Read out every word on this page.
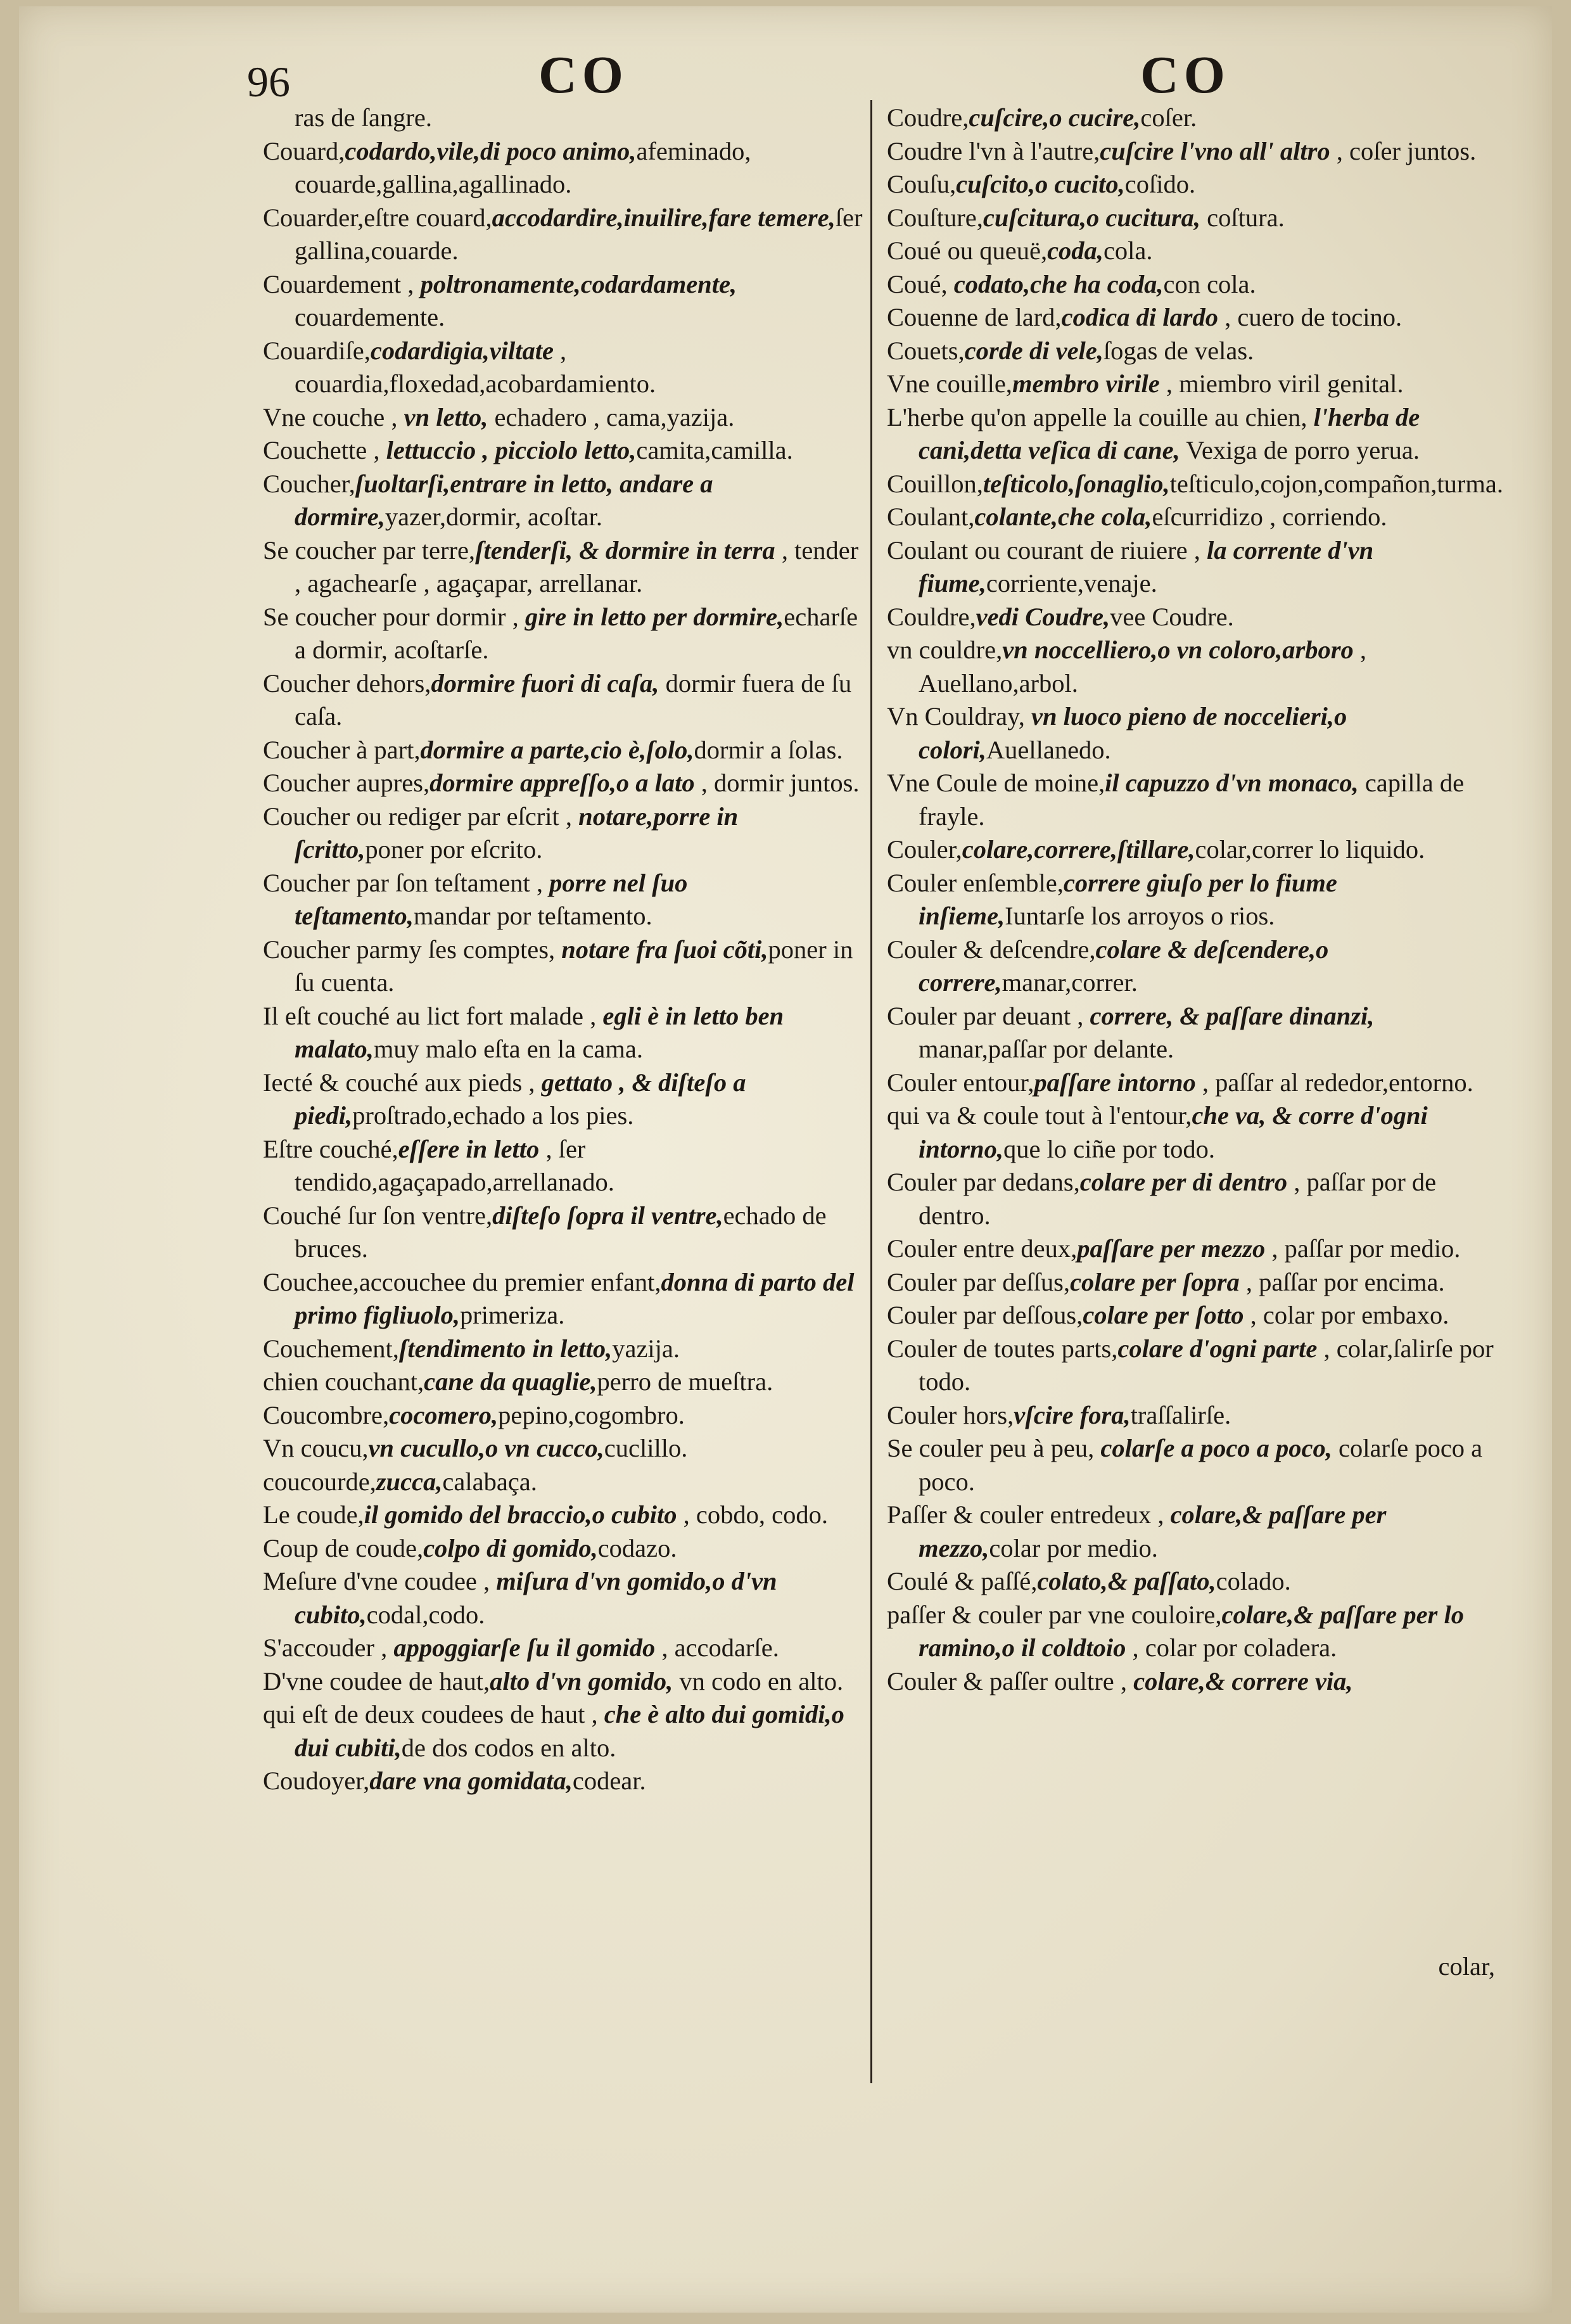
96	CO	CO

ras de ſangre.

Couard,codardo,vile,di poco animo,afeminado, couarde,gallina,agallinado.

Couarder,eſtre couard,accodardire,inuilire,fare temere,ſer gallina,couarde.

Couardement , poltronamente,codardamente, couardemente.

Couardiſe,codardigia,viltate , couardia,floxedad,acobardamiento.

Vne couche , vn letto, echadero , cama,yazija.

Couchette , lettuccio , picciolo letto,camita,camilla.

Coucher,ſuoltarſi,entrare in letto, andare a dormire,yazer,dormir, acoſtar.

Se coucher par terre,ſtenderſi, & dormire in terra , tender , agachearſe , agaçapar, arrellanar.

Se coucher pour dormir , gire in letto per dormire,echarſe a dormir, acoſtarſe.

Coucher dehors,dormire fuori di caſa, dormir fuera de ſu caſa.

Coucher à part,dormire a parte,cio è,ſolo,dormir a ſolas.

Coucher aupres,dormire appreſſo,o a lato , dormir juntos.

Coucher ou rediger par eſcrit , notare,porre in ſcritto,poner por eſcrito.

Coucher par ſon teſtament , porre nel ſuo teſtamento,mandar por teſtamento.

Coucher parmy ſes comptes, notare fra ſuoi cõti,poner in ſu cuenta.

Il eſt couché au lict fort malade , egli è in letto ben malato,muy malo eſta en la cama.

Iecté & couché aux pieds , gettato , & diſteſo a piedi,proſtrado,echado a los pies.

Eſtre couché,eſſere in letto , ſer tendido,agaçapado,arrellanado.

Couché ſur ſon ventre,diſteſo ſopra il ventre,echado de bruces.

Couchee,accouchee du premier enfant,donna di parto del primo figliuolo,primeriza.

Couchement,ſtendimento in letto,yazija.

chien couchant,cane da quaglie,perro de mueſtra.

Coucombre,cocomero,pepino,cogombro.

Vn coucu,vn cucullo,o vn cucco,cuclillo.

coucourde,zucca,calabaça.

Le coude,il gomido del braccio,o cubito , cobdo, codo.

Coup de coude,colpo di gomido,codazo.

Meſure d'vne coudee , miſura d'vn gomido,o d'vn cubito,codal,codo.

S'accouder , appoggiarſe ſu il gomido , accodarſe.

D'vne coudee de haut,alto d'vn gomido, vn codo en alto.

qui eſt de deux coudees de haut , che è alto dui gomidi,o dui cubiti,de dos codos en alto.

Coudoyer,dare vna gomidata,codear.

Coudre,cuſcire,o cucire,coſer.

Coudre l'vn à l'autre,cuſcire l'vno all' altro , coſer juntos.

Couſu,cuſcito,o cucito,coſido.

Couſture,cuſcitura,o cucitura, coſtura.

Coué ou queuë,coda,cola.

Coué, codato,che ha coda,con cola.

Couenne de lard,codica di lardo , cuero de tocino.

Couets,corde di vele,ſogas de velas.

Vne couille,membro virile , miembro viril genital.

L'herbe qu'on appelle la couille au chien, l'herba de cani,detta veſica di cane, Vexiga de porro yerua.

Couillon,teſticolo,ſonaglio,teſticulo,cojon,compañon,turma.

Coulant,colante,che cola,eſcurridizo , corriendo.

Coulant ou courant de riuiere , la corrente d'vn fiume,corriente,venaje.

Couldre,vedi Coudre,vee Coudre.

vn couldre,vn noccelliero,o vn coloro,arboro , Auellano,arbol.

Vn Couldray, vn luoco pieno de noccelieri,o colori,Auellanedo.

Vne Coule de moine,il capuzzo d'vn monaco, capilla de frayle.

Couler,colare,correre,ſtillare,colar,correr lo liquido.

Couler enſemble,correre giuſo per lo fiume inſieme,Iuntarſe los arroyos o rios.

Couler & deſcendre,colare & deſcendere,o correre,manar,correr.

Couler par deuant , correre, & paſſare dinanzi, manar,paſſar por delante.

Couler entour,paſſare intorno , paſſar al rededor,entorno.

qui va & coule tout à l'entour,che va, & corre d'ogni intorno,que lo ciñe por todo.

Couler par dedans,colare per di dentro , paſſar por de dentro.

Couler entre deux,paſſare per mezzo , paſſar por medio.

Couler par deſſus,colare per ſopra , paſſar por encima.

Couler par deſſous,colare per ſotto , colar por embaxo.

Couler de toutes parts,colare d'ogni parte , colar,ſalirſe por todo.

Couler hors,vſcire fora,traſſalirſe.

Se couler peu à peu, colarſe a poco a poco, colarſe poco a poco.

Paſſer & couler entredeux , colare,& paſſare per mezzo,colar por medio.

Coulé & paſſé,colato,& paſſato,colado.

paſſer & couler par vne couloire,colare,& paſſare per lo ramino,o il coldtoio , colar por coladera.

Couler & paſſer oultre , colare,& correre via,

colar,
